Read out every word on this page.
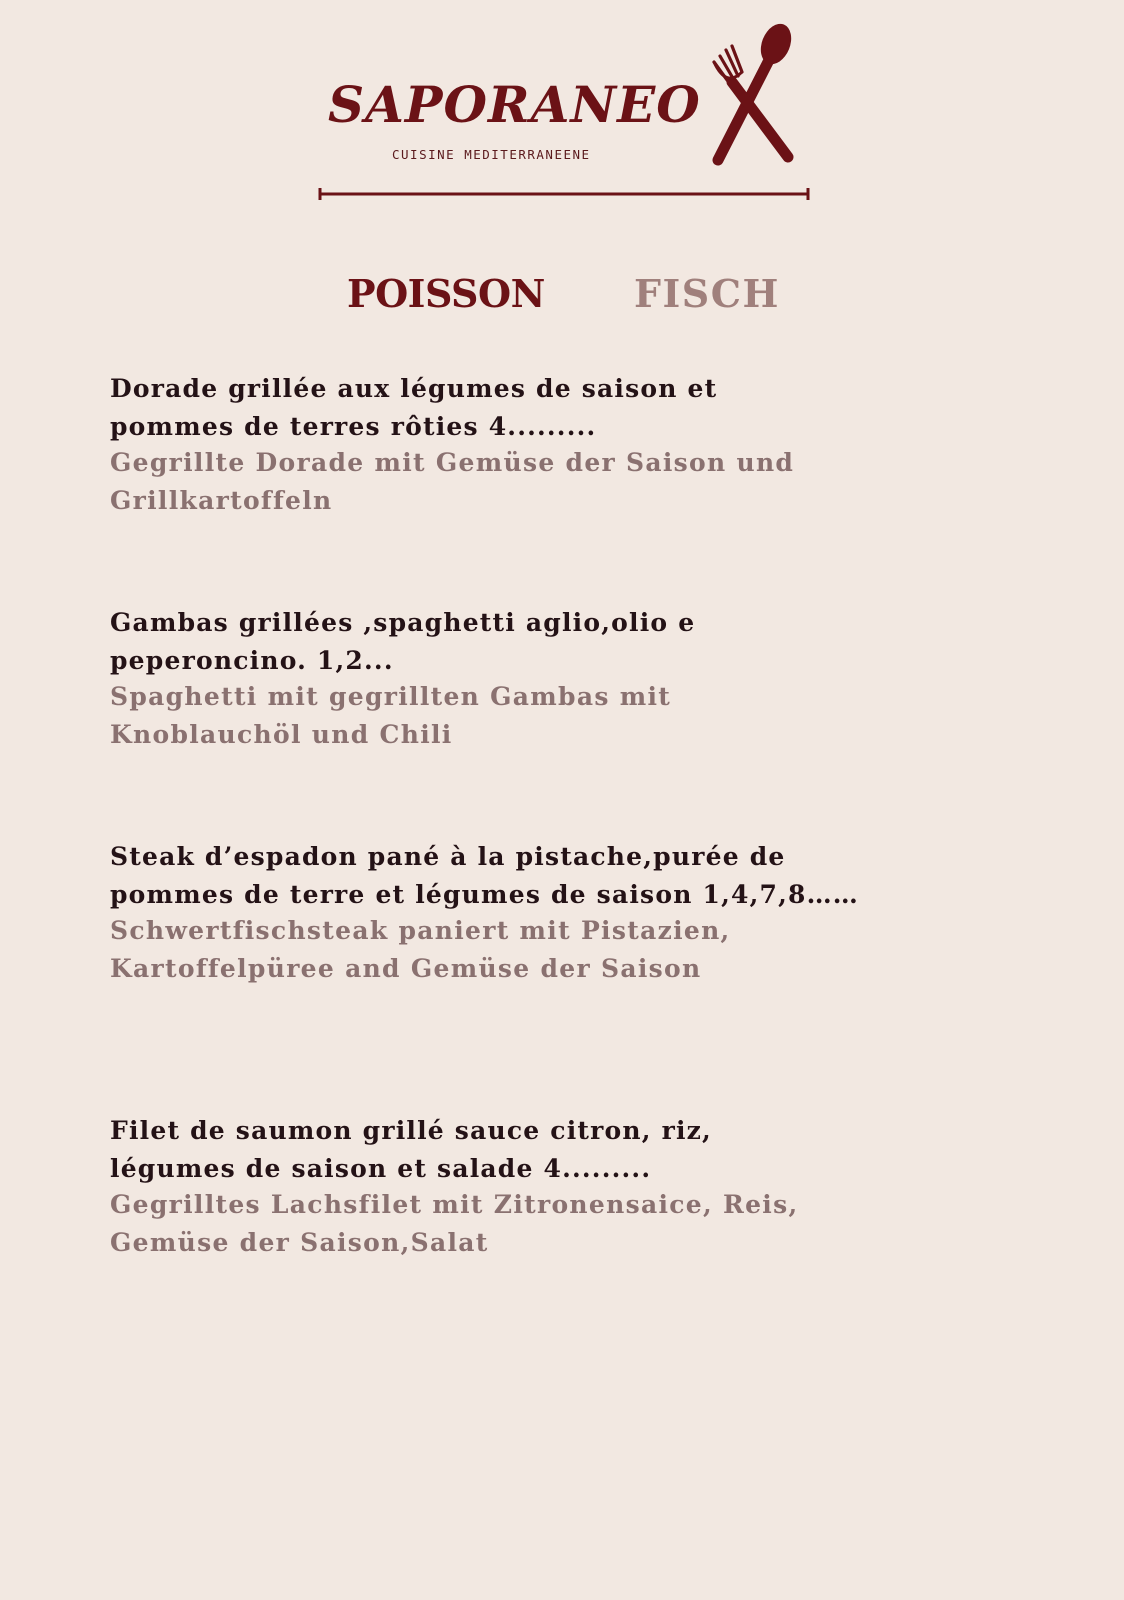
SAPORANEO
CUISINE MEDITERRANEENE
POISSON FISCH
Dorade grillée aux légumes de saison et
pommes de terres rôties 4.........
Gegrillte Dorade mit Gemüse der Saison und
Grillkartoffeln
Gambas grillées ,spaghetti aglio,olio e
peperoncino. 1,2...
Spaghetti mit gegrillten Gambas mit
Knoblauchöl und Chili
Steak d’espadon pané à la pistache,purée de
pommes de terre et légumes de saison 1,4,7,8……
Schwertfischsteak paniert mit Pistazien,
Kartoffelpüree and Gemüse der Saison
Filet de saumon grillé sauce citron, riz,
légumes de saison et salade 4.........
Gegrilltes Lachsfilet mit Zitronensaice, Reis,
Gemüse der Saison,Salat
